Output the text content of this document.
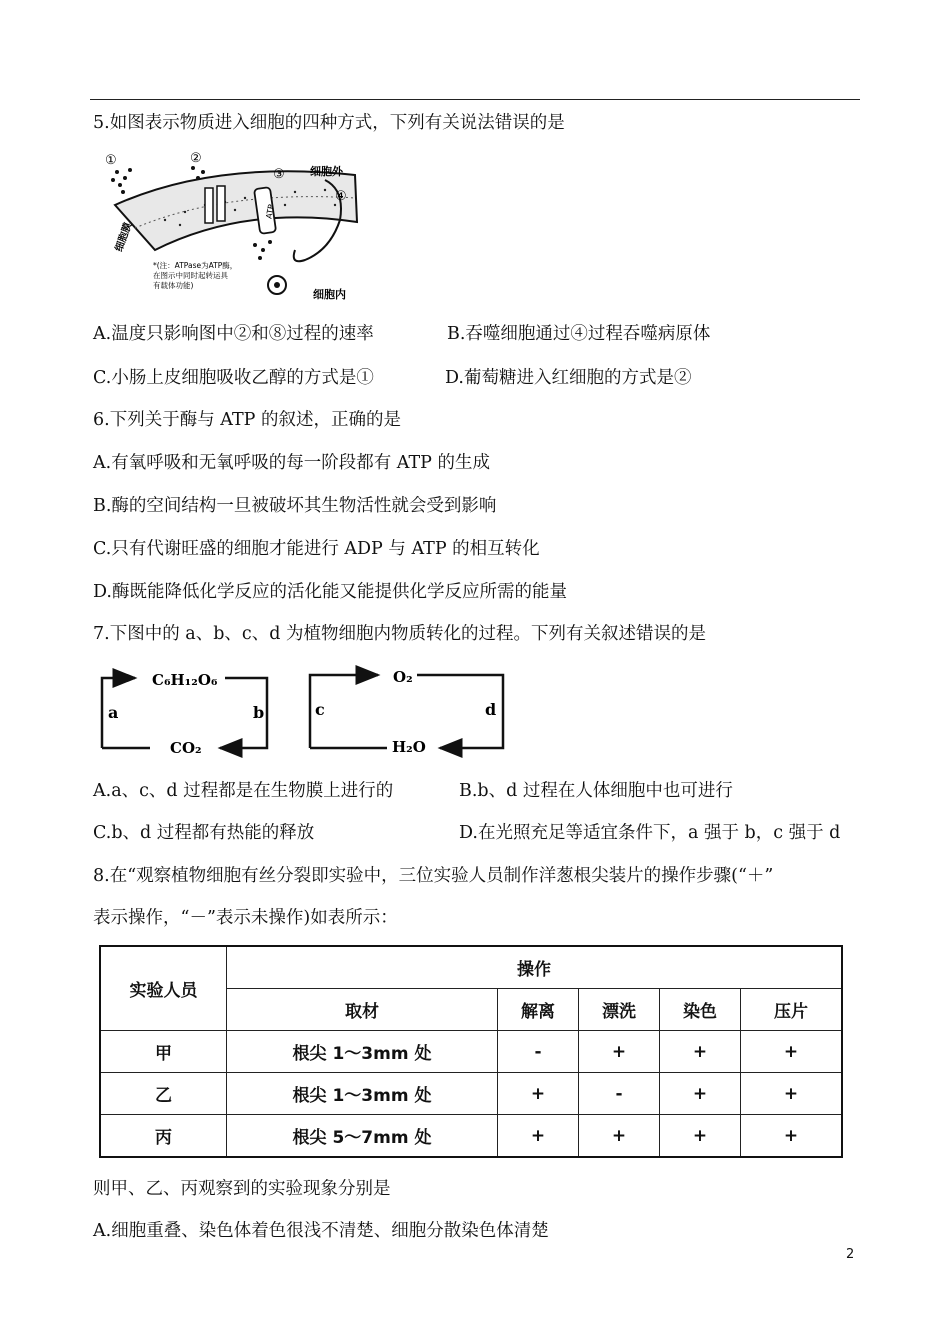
5.如图表示物质进入细胞的四种方式，下列有关说法错误的是
ATP
①	②
③
④
细胞外
细胞内
细胞膜
*(注：ATPase为ATP酶，
在图示中同时起转运具
有载体功能)
A.温度只影响图中②和⑧过程的速率	B.吞噬细胞通过④过程吞噬病原体
C.小肠上皮细胞吸收乙醇的方式是①	D.葡萄糖进入红细胞的方式是②
6.下列关于酶与 ATP 的叙述，正确的是
A.有氧呼吸和无氧呼吸的每一阶段都有 ATP 的生成
B.酶的空间结构一旦被破坏其生物活性就会受到影响
C.只有代谢旺盛的细胞才能进行 ADP 与 ATP 的相互转化
D.酶既能降低化学反应的活化能又能提供化学反应所需的能量
7.下图中的 a、b、c、d 为植物细胞内物质转化的过程。下列有关叙述错误的是
C₆H₁₂O₆
CO₂
a	b
O₂
H₂O
c	d
A.a、c、d 过程都是在生物膜上进行的	B.b、d 过程在人体细胞中也可进行
C.b、d 过程都有热能的释放	D.在光照充足等适宜条件下，a 强于 b，c 强于 d
8.在“观察植物细胞有丝分裂即实验中，三位实验人员制作洋葱根尖装片的操作步骤(“＋”
表示操作，“－”表示未操作)如表所示：
实验人员	操作				
	取材	解离	漂洗	染色	压片
甲	根尖 1～3mm 处	-	+	+	+
乙	根尖 1～3mm 处	+	-	+	+
丙	根尖 5～7mm 处	+	+	+	+
则甲、乙、丙观察到的实验现象分别是
A.细胞重叠、染色体着色很浅不清楚、细胞分散染色体清楚
2
